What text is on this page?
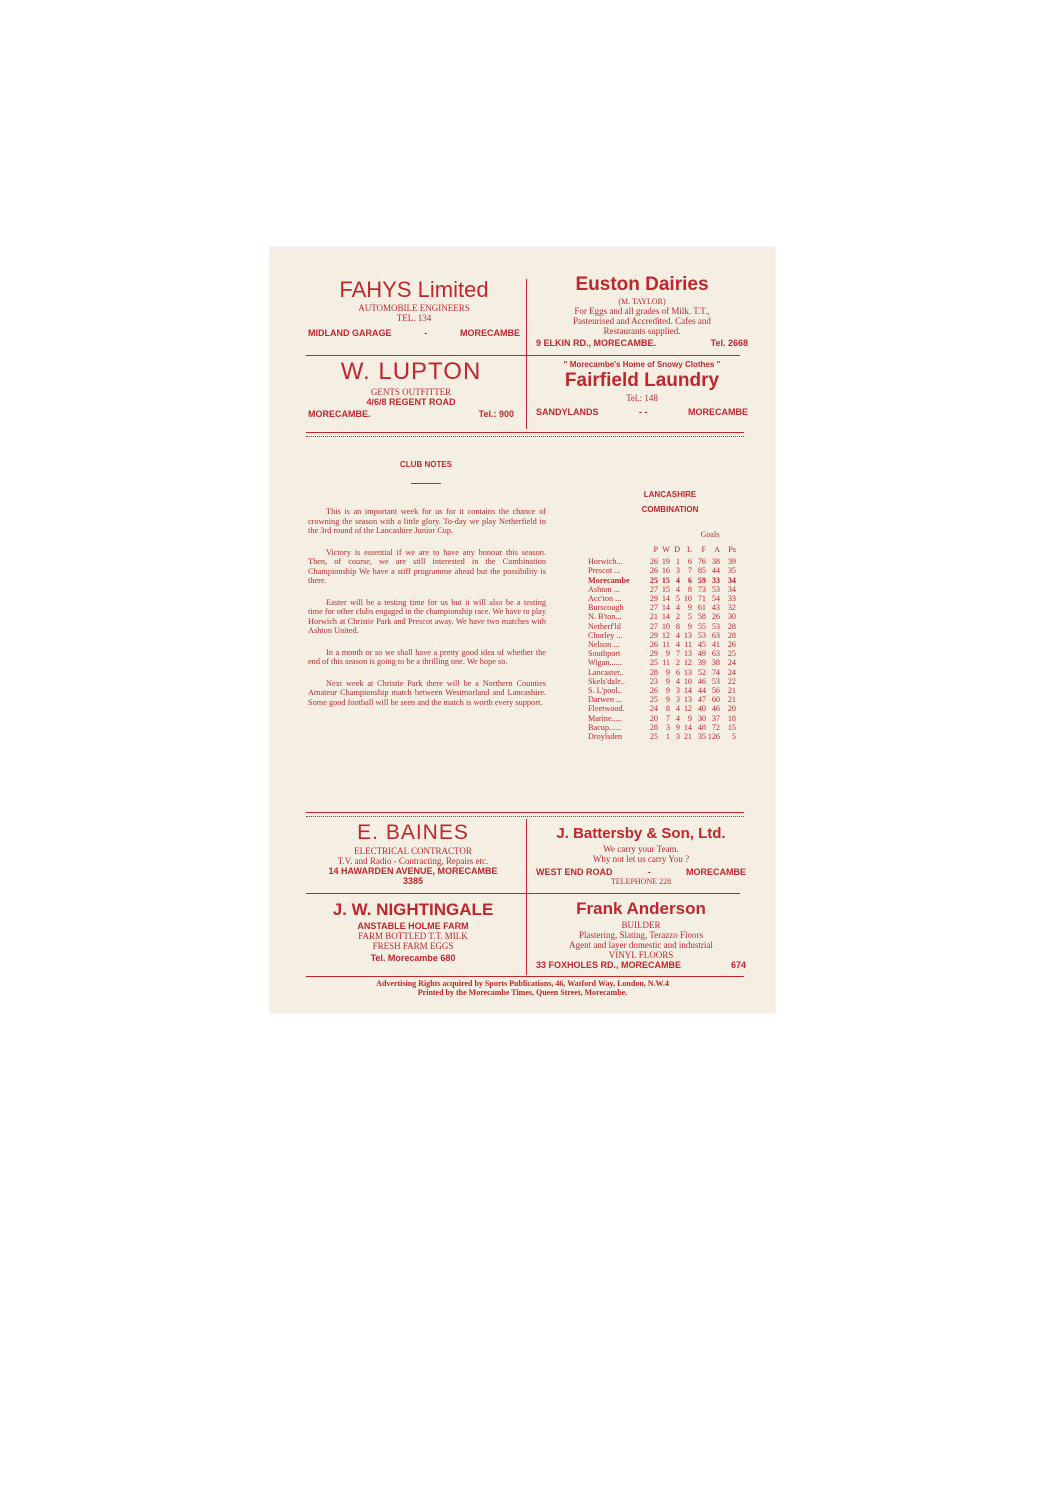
FAHYS Limited
AUTOMOBILE ENGINEERS
TEL. 134
MIDLAND GARAGE	-	MORECAMBE
Euston Dairies
(M. TAYLOR)
For Eggs and all grades of Milk. T.T.,
Pasteurised and Accredited. Cafes and
Restaurants supplied.
9 ELKIN RD., MORECAMBE.	Tel. 2668
W. LUPTON
GENTS OUTFITTER
4/6/8 REGENT ROAD
MORECAMBE.	Tel.: 900
" Morecambe's Home of Snowy Clothes "
Fairfield Laundry
Tel.: 148
SANDYLANDS	- -	MORECAMBE
CLUB NOTES

This is an important week for us for it contains the chance of crowning the season with a little glory. To-day we play Netherfield in the 3rd round of the Lancashire Junior Cup.

Victory is essential if we are to have any honour this season. Then, of course, we are still interested in the Combination Championship We have a stiff programme ahead but the possibility is there.

Easter will be a testing time for us but it will also be a testing time for other clubs engaged in the championship race. We have to play Horwich at Christie Park and Prescot away. We have two matches with Ashton United.

In a month or so we shall have a pretty good idea of whether the end of this season is going to be a thrilling one. We hope so.

Next week at Christie Park there will be a Northern Counties Amateur Championship match between Westmorland and Lancashire. Some good football will be seen and the match is worth every support.

LANCASHIRE
COMBINATION
Goals
P W D L	F A	Ps
Horwich...	26 19 1 6 76 38 39
Prescot ...	26 16 3 7 85 44 35
Morecambe	25 15 4 6 59 33 34
Ashton ...	27 15 4 8 73 53 34
Acc'ton ...	29 14 5 10 71 54 33
Burscough	27 14 4 9 61 43 32
N. B'ton...	21 14 2 5 58 26 30
Netherf'ld	27 10 8 9 55 53 28
Chorley ...	29 12 4 13 53 63 28
Nelson ...	26 11 4 11 45 41 26
Southport	29 9 7 13 49 63 25
Wigan......	25 11 2 12 39 38 24
Lancaster..	28 9 6 13 52 74 24
Skels'dale..	23 9 4 10 46 53 22
S. L'pool..	26 9 3 14 44 56 21
Darwen ...	25 9 3 13 47 60 21
Fleetwood.	24 8 4 12 40 46 20
Marine.....	20 7 4 9 30 37 18
Bacup......	28 3 9 14 48 72 15
Droylsden	25 1 3 21 35 126	5
E. BAINES
ELECTRICAL CONTRACTOR
T.V. and Radio - Contracting, Repairs etc.
14 HAWARDEN AVENUE, MORECAMBE
3385
J. Battersby & Son, Ltd.
We carry your Team.
Why not let us carry You ?
WEST END ROAD	-	MORECAMBE
TELEPHONE 228
J. W. NIGHTINGALE
ANSTABLE HOLME FARM
FARM BOTTLED T.T. MILK
FRESH FARM EGGS
Tel. Morecambe 680
Frank Anderson
BUILDER
Plastering, Slating, Terazzo Floors
Agent and layer domestic and industrial
VINYL FLOORS
33 FOXHOLES RD., MORECAMBE	674
Advertising Rights acquired by Sports Publications, 46, Watford Way, London, N.W.4
Printed by the Morecambe Times, Queen Street, Morecambe.
